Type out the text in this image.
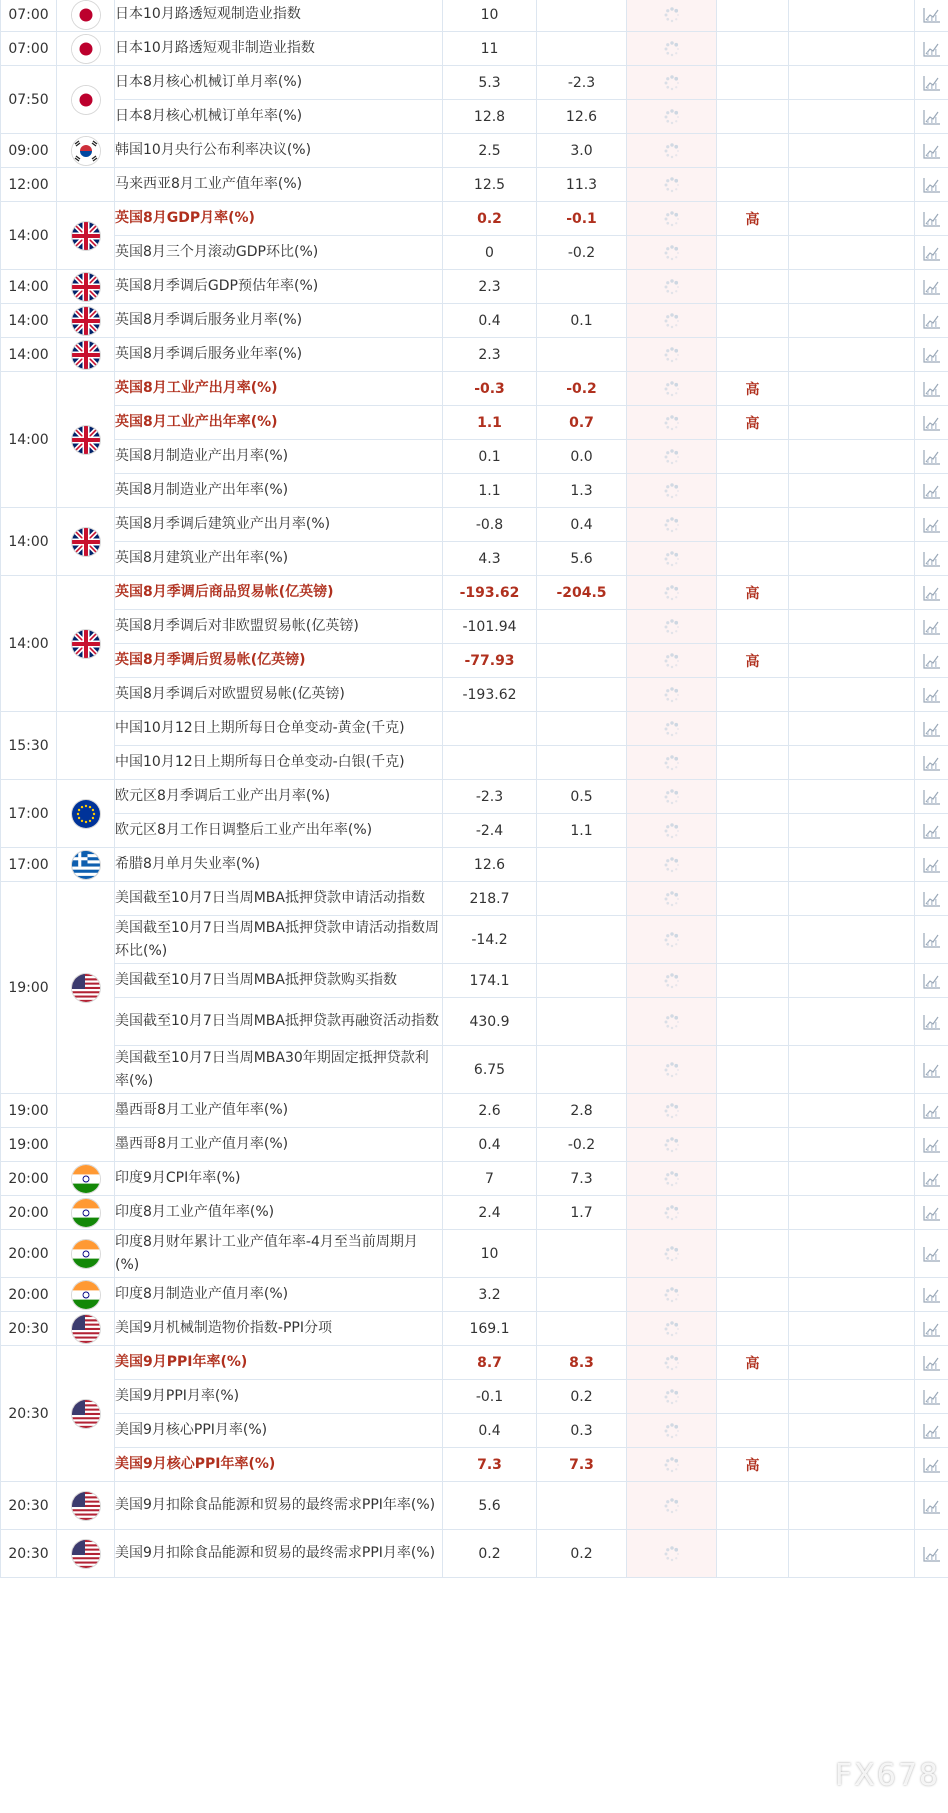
07:00		日本10月路透短观制造业指数	10					
07:00		日本10月路透短观非制造业指数	11					
07:50		日本8月核心机械订单月率(%)	5.3	-2.3				
		日本8月核心机械订单年率(%)	12.8	12.6				
09:00		韩国10月央行公布利率决议(%)	2.5	3.0				
12:00		马来西亚8月工业产值年率(%)	12.5	11.3				
14:00		英国8月GDP月率(%)	0.2	-0.1		高		
		英国8月三个月滚动GDP环比(%)	0	-0.2				
14:00		英国8月季调后GDP预估年率(%)	2.3					
14:00		英国8月季调后服务业月率(%)	0.4	0.1				
14:00		英国8月季调后服务业年率(%)	2.3					
14:00		英国8月工业产出月率(%)	-0.3	-0.2		高		
		英国8月工业产出年率(%)	1.1	0.7		高		
		英国8月制造业产出月率(%)	0.1	0.0				
		英国8月制造业产出年率(%)	1.1	1.3				
14:00		英国8月季调后建筑业产出月率(%)	-0.8	0.4				
		英国8月建筑业产出年率(%)	4.3	5.6				
14:00		英国8月季调后商品贸易帐(亿英镑)	-193.62	-204.5		高		
		英国8月季调后对非欧盟贸易帐(亿英镑)	-101.94					
		英国8月季调后贸易帐(亿英镑)	-77.93			高		
		英国8月季调后对欧盟贸易帐(亿英镑)	-193.62					
15:30		中国10月12日上期所每日仓单变动-黄金(千克)						
		中国10月12日上期所每日仓单变动-白银(千克)						
17:00		欧元区8月季调后工业产出月率(%)	-2.3	0.5				
		欧元区8月工作日调整后工业产出年率(%)	-2.4	1.1				
17:00		希腊8月单月失业率(%)	12.6					
19:00		美国截至10月7日当周MBA抵押贷款申请活动指数	218.7					
		美国截至10月7日当周MBA抵押贷款申请活动指数周环比(%)	-14.2					
		美国截至10月7日当周MBA抵押贷款购买指数	174.1					
		美国截至10月7日当周MBA抵押贷款再融资活动指数	430.9					
		美国截至10月7日当周MBA30年期固定抵押贷款利率(%)	6.75					
19:00		墨西哥8月工业产值年率(%)	2.6	2.8				
19:00		墨西哥8月工业产值月率(%)	0.4	-0.2				
20:00		印度9月CPI年率(%)	7	7.3				
20:00		印度8月工业产值年率(%)	2.4	1.7				
20:00		印度8月财年累计工业产值年率-4月至当前周期月(%)	10					
20:00		印度8月制造业产值月率(%)	3.2					
20:30		美国9月机械制造物价指数-PPI分项	169.1					
20:30		美国9月PPI年率(%)	8.7	8.3		高		
		美国9月PPI月率(%)	-0.1	0.2				
		美国9月核心PPI月率(%)	0.4	0.3				
		美国9月核心PPI年率(%)	7.3	7.3		高		
20:30		美国9月扣除食品能源和贸易的最终需求PPI年率(%)	5.6					
20:30		美国9月扣除食品能源和贸易的最终需求PPI月率(%)	0.2	0.2				
FX678
